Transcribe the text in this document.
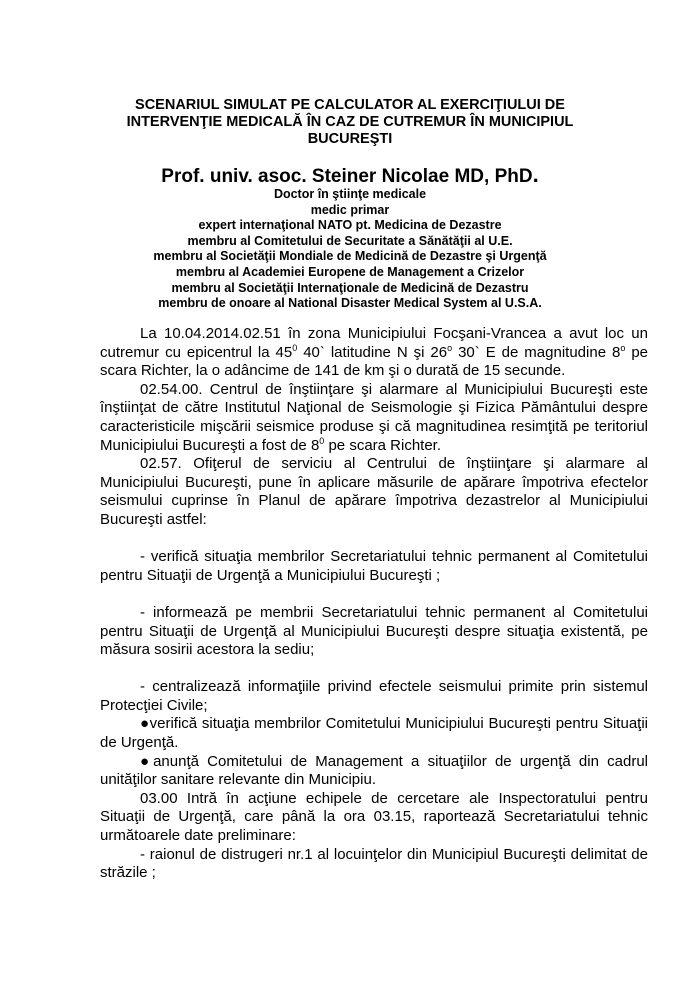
SCENARIUL SIMULAT PE CALCULATOR AL EXERCIŢIULUI DE
INTERVENŢIE MEDICALĂ ÎN CAZ DE CUTREMUR ÎN MUNICIPIUL
BUCUREŞTI
Prof. univ. asoc. Steiner Nicolae MD, PhD.
Doctor în ştiinţe medicale
medic primar
expert internaţional NATO pt. Medicina de Dezastre
membru al Comitetului de Securitate a Sănătăţii al U.E.
membru al Societăţii Mondiale de Medicină de Dezastre şi Urgenţă
membru al Academiei Europene de Management a Crizelor
membru al Societăţii Internaţionale de Medicină de Dezastru
membru de onoare al National Disaster Medical System al U.S.A.

La 10.04.2014.02.51 în zona Municipiului Focşani-Vrancea a avut loc un cutremur cu epicentrul la $45^0$ 40` latitudine N şi 26$^o$ 30` E de magnitudine 8$^o$ pe scara Richter, la o adâncime de 141 de km şi o durată de 15 secunde.

02.54.00. Centrul de înştiinţare şi alarmare al Municipiului Bucureşti este înştiinţat de către Institutul Naţional de Seismologie şi Fizica Pământului despre caracteristicile mişcării seismice produse şi că magnitudinea resimţită pe teritoriul Municipiului Bucureşti a fost de $8^0$ pe scara Richter.

02.57. Ofiţerul de serviciu al Centrului de înştiinţare şi alarmare al Municipiului Bucureşti, pune în aplicare măsurile de apărare împotriva efectelor seismului cuprinse în Planul de apărare împotriva dezastrelor al Municipiului Bucureşti astfel:

- verifică situaţia membrilor Secretariatului tehnic permanent al Comitetului pentru Situaţii de Urgenţă a Municipiului Bucureşti ;

- informează pe membrii Secretariatului tehnic permanent al Comitetului pentru Situaţii de Urgenţă al Municipiului Bucureşti despre situaţia existentă, pe măsura sosirii acestora la sediu;

- centralizează informaţiile privind efectele seismului primite prin sistemul Protecţiei Civile;

●verifică situaţia membrilor Comitetului Municipiului Bucureşti pentru Situaţii de Urgenţă.

●anunţă Comitetului de Management a situaţiilor de urgenţă din cadrul unităţilor sanitare relevante din Municipiu.

03.00 Intră în acţiune echipele de cercetare ale Inspectoratului pentru Situaţii de Urgenţă, care până la ora 03.15, raportează Secretariatului tehnic următoarele date preliminare:

- raionul de distrugeri nr.1 al locuinţelor din Municipiul Bucureşti delimitat de străzile ;
